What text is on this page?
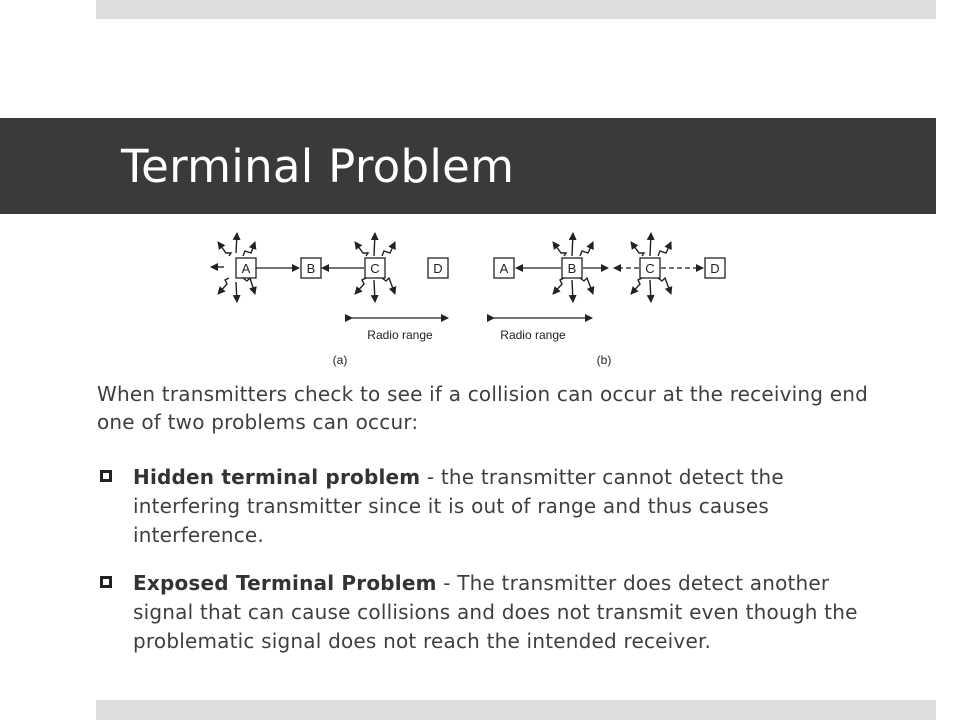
Terminal Problem
A	B	C	D
Radio range
(a)
A	B	C	D
Radio range
(b)

When transmitters check to see if a collision can occur at the receiving end one of two problems can occur:

Hidden terminal problem - the transmitter cannot detect the interfering transmitter since it is out of range and thus causes interference.
Exposed Terminal Problem - The transmitter does detect another signal that can cause collisions and does not transmit even though the problematic signal does not reach the intended receiver.
